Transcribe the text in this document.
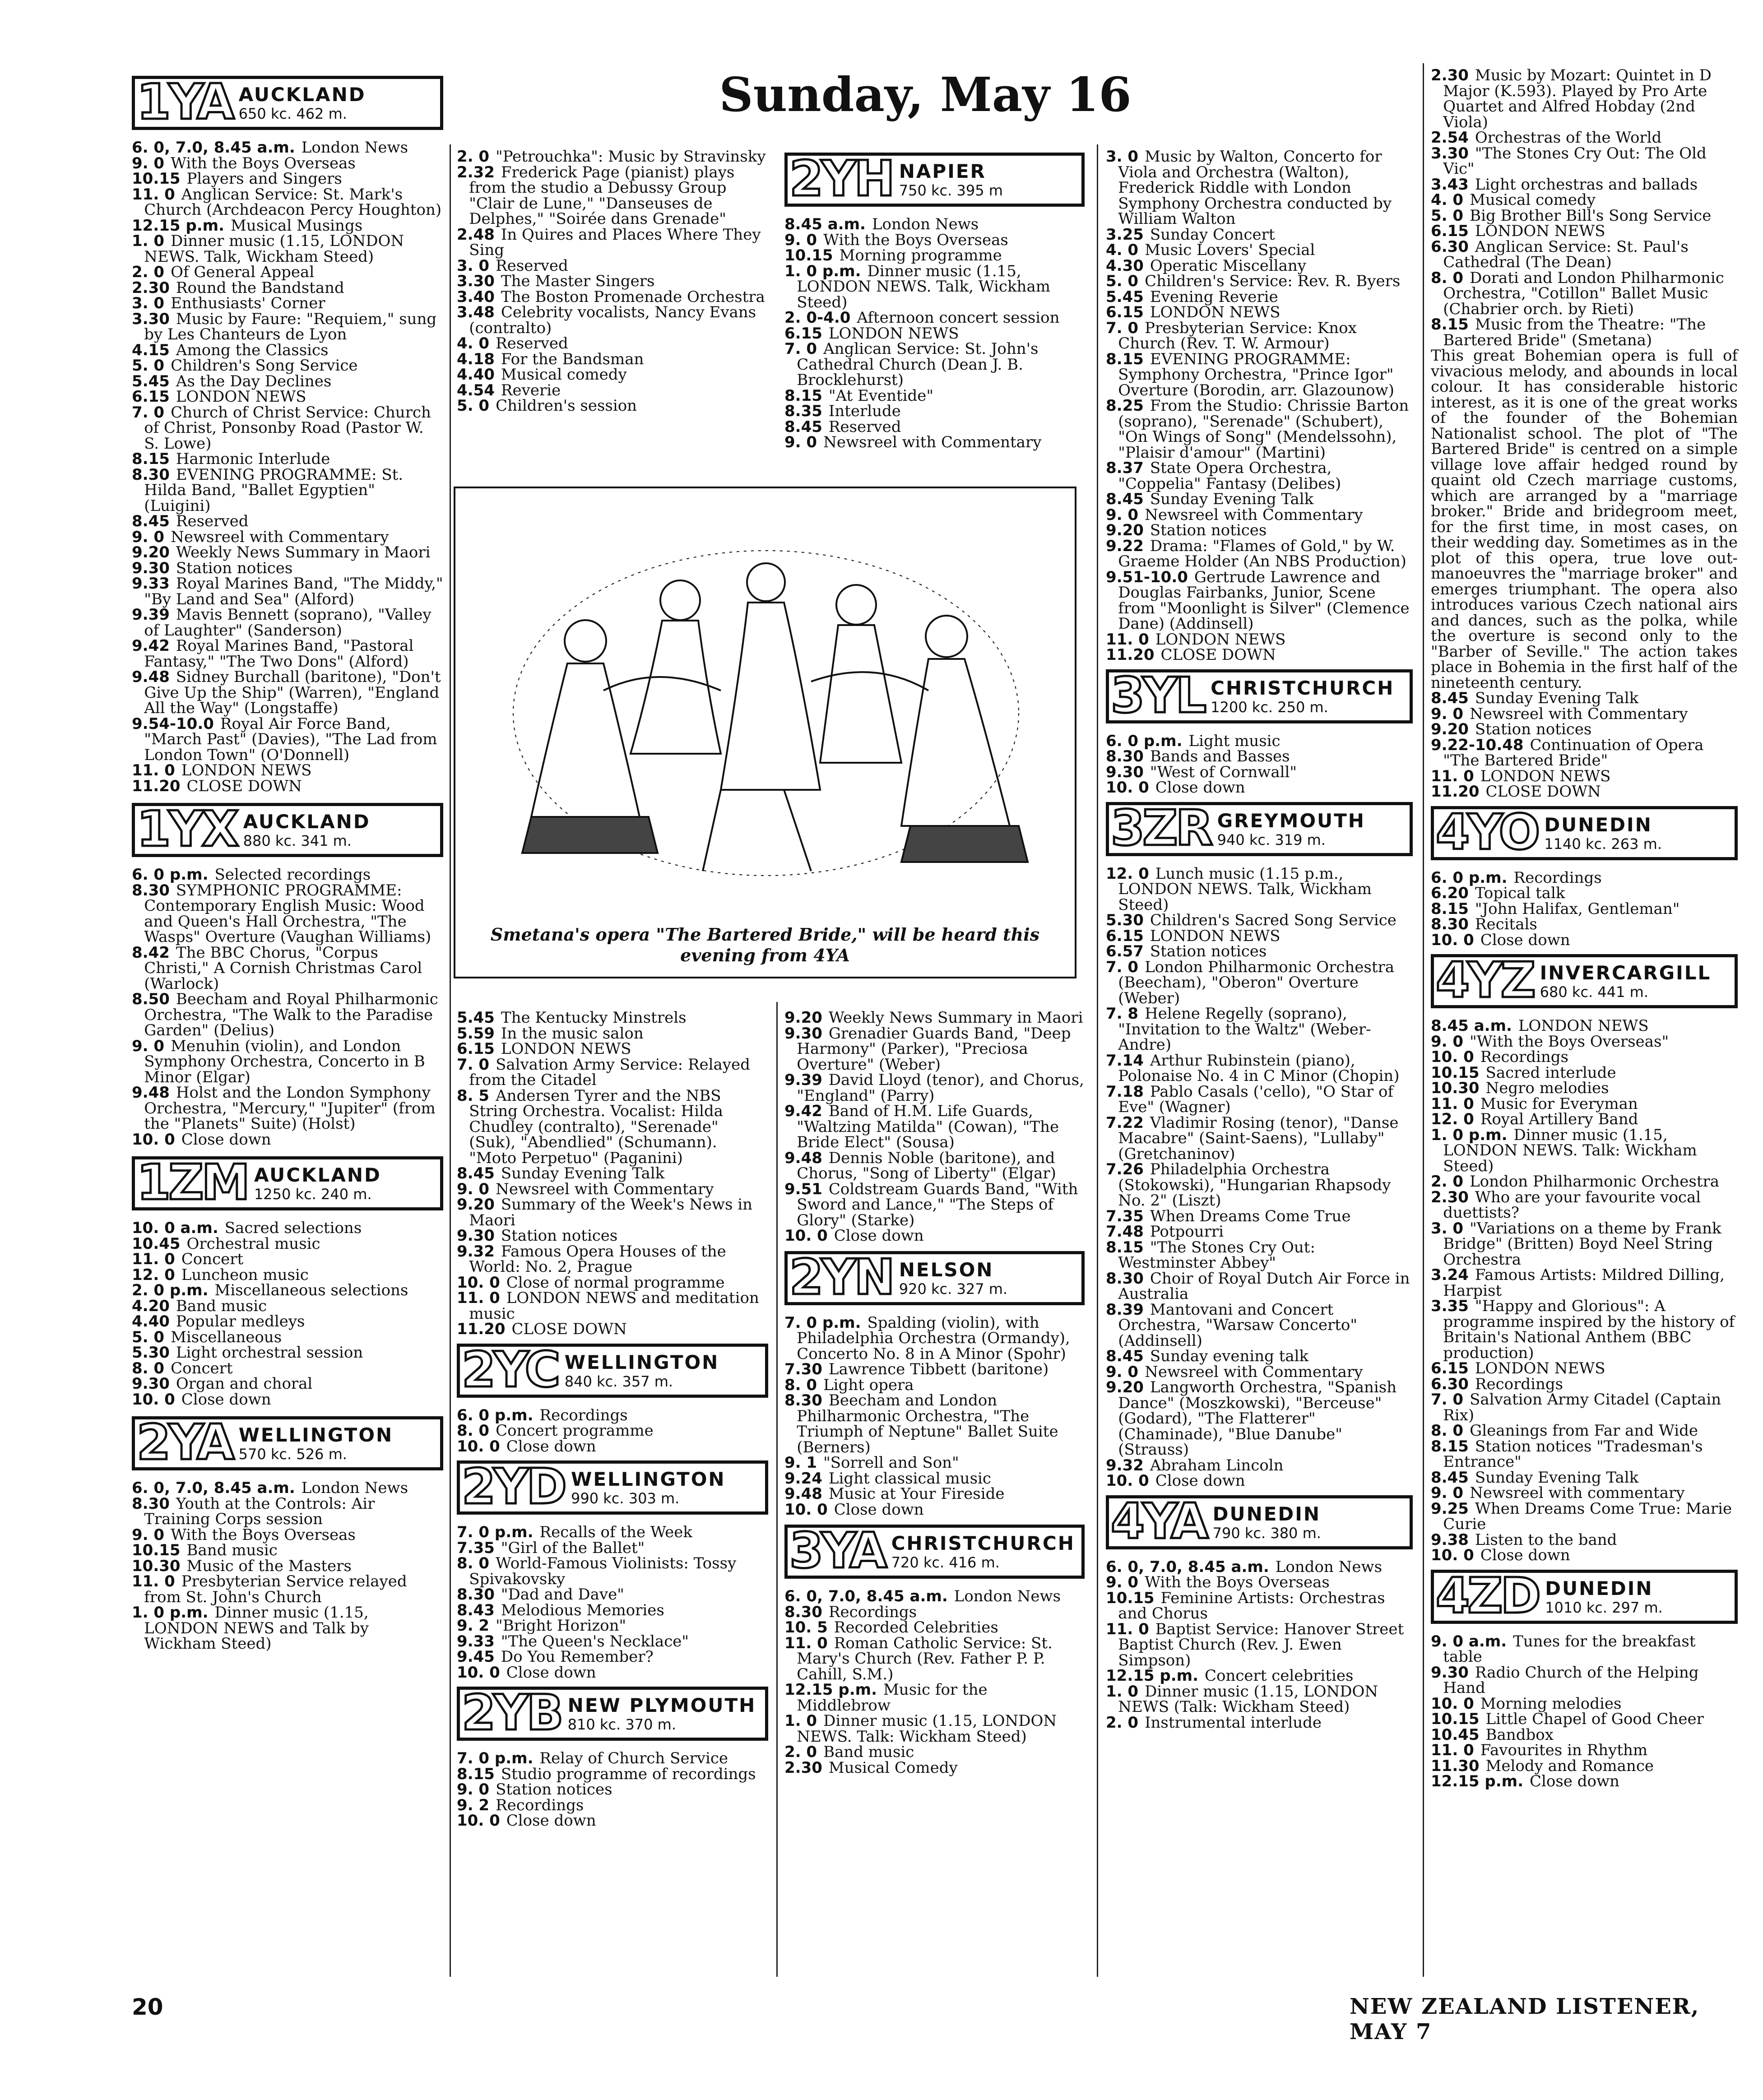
Sunday, May 16
1YA AUCKLAND
650 kc. 462 m.

6. 0, 7.0, 8.45 a.m. London News

9. 0 With the Boys Overseas

10.15 Players and Singers

11. 0 Anglican Service: St. Mark's Church (Archdeacon Percy Houghton)

12.15 p.m. Musical Musings

1. 0 Dinner music (1.15, LONDON NEWS. Talk, Wickham Steed)

2. 0 Of General Appeal

2.30 Round the Bandstand

3. 0 Enthusiasts' Corner

3.30 Music by Faure: "Requiem," sung by Les Chanteurs de Lyon

4.15 Among the Classics

5. 0 Children's Song Service

5.45 As the Day Declines

6.15 LONDON NEWS

7. 0 Church of Christ Service: Church of Christ, Ponsonby Road (Pastor W. S. Lowe)

8.15 Harmonic Interlude

8.30 EVENING PROGRAMME: St. Hilda Band, "Ballet Egyptien" (Luigini)

8.45 Reserved

9. 0 Newsreel with Commentary

9.20 Weekly News Summary in Maori

9.30 Station notices

9.33 Royal Marines Band, "The Middy," "By Land and Sea" (Alford)

9.39 Mavis Bennett (soprano), "Valley of Laughter" (Sanderson)

9.42 Royal Marines Band, "Pastoral Fantasy," "The Two Dons" (Alford)

9.48 Sidney Burchall (baritone), "Don't Give Up the Ship" (Warren), "England All the Way" (Longstaffe)

9.54-10.0 Royal Air Force Band, "March Past" (Davies), "The Lad from London Town" (O'Donnell)

11. 0 LONDON NEWS

11.20 CLOSE DOWN

1YX AUCKLAND
880 kc. 341 m.

6. 0 p.m. Selected recordings

8.30 SYMPHONIC PROGRAMME: Contemporary English Music: Wood and Queen's Hall Orchestra, "The Wasps" Overture (Vaughan Williams)

8.42 The BBC Chorus, "Corpus Christi," A Cornish Christmas Carol (Warlock)

8.50 Beecham and Royal Philharmonic Orchestra, "The Walk to the Paradise Garden" (Delius)

9. 0 Menuhin (violin), and London Symphony Orchestra, Concerto in B Minor (Elgar)

9.48 Holst and the London Symphony Orchestra, "Mercury," "Jupiter" (from the "Planets" Suite) (Holst)

10. 0 Close down

1ZM AUCKLAND
1250 kc. 240 m.

10. 0 a.m. Sacred selections

10.45 Orchestral music

11. 0 Concert

12. 0 Luncheon music

2. 0 p.m. Miscellaneous selections

4.20 Band music

4.40 Popular medleys

5. 0 Miscellaneous

5.30 Light orchestral session

8. 0 Concert

9.30 Organ and choral

10. 0 Close down

2YA WELLINGTON
570 kc. 526 m.

6. 0, 7.0, 8.45 a.m. London News

8.30 Youth at the Controls: Air Training Corps session

9. 0 With the Boys Overseas

10.15 Band music

10.30 Music of the Masters

11. 0 Presbyterian Service relayed from St. John's Church

1. 0 p.m. Dinner music (1.15, LONDON NEWS and Talk by Wickham Steed)

2. 0 "Petrouchka": Music by Stravinsky

2.32 Frederick Page (pianist) plays from the studio a Debussy Group "Clair de Lune," "Danseuses de Delphes," "Soirée dans Grenade"

2.48 In Quires and Places Where They Sing

3. 0 Reserved

3.30 The Master Singers

3.40 The Boston Promenade Orchestra

3.48 Celebrity vocalists, Nancy Evans (contralto)

4. 0 Reserved

4.18 For the Bandsman

4.40 Musical comedy

4.54 Reverie

5. 0 Children's session

2YH NAPIER
750 kc. 395 m

8.45 a.m. London News

9. 0 With the Boys Overseas

10.15 Morning programme

1. 0 p.m. Dinner music (1.15, LONDON NEWS. Talk, Wickham Steed)

2. 0-4.0 Afternoon concert session

6.15 LONDON NEWS

7. 0 Anglican Service: St. John's Cathedral Church (Dean J. B. Brocklehurst)

8.15 "At Eventide"

8.35 Interlude

8.45 Reserved

9. 0 Newsreel with Commentary

Smetana's opera "The Bartered Bride," will be heard this evening from 4YA

5.45 The Kentucky Minstrels

5.59 In the music salon

6.15 LONDON NEWS

7. 0 Salvation Army Service: Relayed from the Citadel

8. 5 Andersen Tyrer and the NBS String Orchestra. Vocalist: Hilda Chudley (contralto), "Serenade" (Suk), "Abendlied" (Schumann). "Moto Perpetuo" (Paganini)

8.45 Sunday Evening Talk

9. 0 Newsreel with Commentary

9.20 Summary of the Week's News in Maori

9.30 Station notices

9.32 Famous Opera Houses of the World: No. 2, Prague

10. 0 Close of normal programme

11. 0 LONDON NEWS and meditation music

11.20 CLOSE DOWN

2YC WELLINGTON
840 kc. 357 m.

6. 0 p.m. Recordings

8. 0 Concert programme

10. 0 Close down

2YD WELLINGTON
990 kc. 303 m.

7. 0 p.m. Recalls of the Week

7.35 "Girl of the Ballet"

8. 0 World-Famous Violinists: Tossy Spivakovsky

8.30 "Dad and Dave"

8.43 Melodious Memories

9. 2 "Bright Horizon"

9.33 "The Queen's Necklace"

9.45 Do You Remember?

10. 0 Close down

2YB NEW PLYMOUTH
810 kc. 370 m.

7. 0 p.m. Relay of Church Service

8.15 Studio programme of recordings

9. 0 Station notices

9. 2 Recordings

10. 0 Close down

9.20 Weekly News Summary in Maori

9.30 Grenadier Guards Band, "Deep Harmony" (Parker), "Preciosa Overture" (Weber)

9.39 David Lloyd (tenor), and Chorus, "England" (Parry)

9.42 Band of H.M. Life Guards, "Waltzing Matilda" (Cowan), "The Bride Elect" (Sousa)

9.48 Dennis Noble (baritone), and Chorus, "Song of Liberty" (Elgar)

9.51 Coldstream Guards Band, "With Sword and Lance," "The Steps of Glory" (Starke)

10. 0 Close down

2YN NELSON
920 kc. 327 m.

7. 0 p.m. Spalding (violin), with Philadelphia Orchestra (Ormandy), Concerto No. 8 in A Minor (Spohr)

7.30 Lawrence Tibbett (baritone)

8. 0 Light opera

8.30 Beecham and London Philharmonic Orchestra, "The Triumph of Neptune" Ballet Suite (Berners)

9. 1 "Sorrell and Son"

9.24 Light classical music

9.48 Music at Your Fireside

10. 0 Close down

3YA CHRISTCHURCH
720 kc. 416 m.

6. 0, 7.0, 8.45 a.m. London News

8.30 Recordings

10. 5 Recorded Celebrities

11. 0 Roman Catholic Service: St. Mary's Church (Rev. Father P. P. Cahill, S.M.)

12.15 p.m. Music for the Middlebrow

1. 0 Dinner music (1.15, LONDON NEWS. Talk: Wickham Steed)

2. 0 Band music

2.30 Musical Comedy

3. 0 Music by Walton, Concerto for Viola and Orchestra (Walton), Frederick Riddle with London Symphony Orchestra conducted by William Walton

3.25 Sunday Concert

4. 0 Music Lovers' Special

4.30 Operatic Miscellany

5. 0 Children's Service: Rev. R. Byers

5.45 Evening Reverie

6.15 LONDON NEWS

7. 0 Presbyterian Service: Knox Church (Rev. T. W. Armour)

8.15 EVENING PROGRAMME: Symphony Orchestra, "Prince Igor" Overture (Borodin, arr. Glazounow)

8.25 From the Studio: Chrissie Barton (soprano), "Serenade" (Schubert), "On Wings of Song" (Mendelssohn), "Plaisir d'amour" (Martini)

8.37 State Opera Orchestra, "Coppelia" Fantasy (Delibes)

8.45 Sunday Evening Talk

9. 0 Newsreel with Commentary

9.20 Station notices

9.22 Drama: "Flames of Gold," by W. Graeme Holder (An NBS Production)

9.51-10.0 Gertrude Lawrence and Douglas Fairbanks, Junior, Scene from "Moonlight is Silver" (Clemence Dane) (Addinsell)

11. 0 LONDON NEWS

11.20 CLOSE DOWN

3YL CHRISTCHURCH
1200 kc. 250 m.

6. 0 p.m. Light music

8.30 Bands and Basses

9.30 "West of Cornwall"

10. 0 Close down

3ZR GREYMOUTH
940 kc. 319 m.

12. 0 Lunch music (1.15 p.m., LONDON NEWS. Talk, Wickham Steed)

5.30 Children's Sacred Song Service

6.15 LONDON NEWS

6.57 Station notices

7. 0 London Philharmonic Orchestra (Beecham), "Oberon" Overture (Weber)

7. 8 Helene Regelly (soprano), "Invitation to the Waltz" (Weber-Andre)

7.14 Arthur Rubinstein (piano), Polonaise No. 4 in C Minor (Chopin)

7.18 Pablo Casals ('cello), "O Star of Eve" (Wagner)

7.22 Vladimir Rosing (tenor), "Danse Macabre" (Saint-Saens), "Lullaby" (Gretchaninov)

7.26 Philadelphia Orchestra (Stokowski), "Hungarian Rhapsody No. 2" (Liszt)

7.35 When Dreams Come True

7.48 Potpourri

8.15 "The Stones Cry Out: Westminster Abbey"

8.30 Choir of Royal Dutch Air Force in Australia

8.39 Mantovani and Concert Orchestra, "Warsaw Concerto" (Addinsell)

8.45 Sunday evening talk

9. 0 Newsreel with Commentary

9.20 Langworth Orchestra, "Spanish Dance" (Moszkowski), "Berceuse" (Godard), "The Flatterer" (Chaminade), "Blue Danube" (Strauss)

9.32 Abraham Lincoln

10. 0 Close down

4YA DUNEDIN
790 kc. 380 m.

6. 0, 7.0, 8.45 a.m. London News

9. 0 With the Boys Overseas

10.15 Feminine Artists: Orchestras and Chorus

11. 0 Baptist Service: Hanover Street Baptist Church (Rev. J. Ewen Simpson)

12.15 p.m. Concert celebrities

1. 0 Dinner music (1.15, LONDON NEWS (Talk: Wickham Steed)

2. 0 Instrumental interlude

2.30 Music by Mozart: Quintet in D Major (K.593). Played by Pro Arte Quartet and Alfred Hobday (2nd Viola)

2.54 Orchestras of the World

3.30 "The Stones Cry Out: The Old Vic"

3.43 Light orchestras and ballads

4. 0 Musical comedy

5. 0 Big Brother Bill's Song Service

6.15 LONDON NEWS

6.30 Anglican Service: St. Paul's Cathedral (The Dean)

8. 0 Dorati and London Philharmonic Orchestra, "Cotillon" Ballet Music (Chabrier orch. by Rieti)

8.15 Music from the Theatre: "The Bartered Bride" (Smetana)

This great Bohemian opera is full of vivacious melody, and abounds in local colour. It has considerable historic interest, as it is one of the great works of the founder of the Bohemian Nationalist school. The plot of "The Bartered Bride" is centred on a simple village love affair hedged round by quaint old Czech marriage customs, which are arranged by a "marriage broker." Bride and bridegroom meet, for the first time, in most cases, on their wedding day. Sometimes as in the plot of this opera, true love out-manoeuvres the "marriage broker" and emerges triumphant. The opera also introduces various Czech national airs and dances, such as the polka, while the overture is second only to the "Barber of Seville." The action takes place in Bohemia in the first half of the nineteenth century.

8.45 Sunday Evening Talk

9. 0 Newsreel with Commentary

9.20 Station notices

9.22-10.48 Continuation of Opera "The Bartered Bride"

11. 0 LONDON NEWS

11.20 CLOSE DOWN

4YO DUNEDIN
1140 kc. 263 m.

6. 0 p.m. Recordings

6.20 Topical talk

8.15 "John Halifax, Gentleman"

8.30 Recitals

10. 0 Close down

4YZ INVERCARGILL
680 kc. 441 m.

8.45 a.m. LONDON NEWS

9. 0 "With the Boys Overseas"

10. 0 Recordings

10.15 Sacred interlude

10.30 Negro melodies

11. 0 Music for Everyman

12. 0 Royal Artillery Band

1. 0 p.m. Dinner music (1.15, LONDON NEWS. Talk: Wickham Steed)

2. 0 London Philharmonic Orchestra

2.30 Who are your favourite vocal duettists?

3. 0 "Variations on a theme by Frank Bridge" (Britten) Boyd Neel String Orchestra

3.24 Famous Artists: Mildred Dilling, Harpist

3.35 "Happy and Glorious": A programme inspired by the history of Britain's National Anthem (BBC production)

6.15 LONDON NEWS

6.30 Recordings

7. 0 Salvation Army Citadel (Captain Rix)

8. 0 Gleanings from Far and Wide

8.15 Station notices "Tradesman's Entrance"

8.45 Sunday Evening Talk

9. 0 Newsreel with commentary

9.25 When Dreams Come True: Marie Curie

9.38 Listen to the band

10. 0 Close down

4ZD DUNEDIN
1010 kc. 297 m.

9. 0 a.m. Tunes for the breakfast table

9.30 Radio Church of the Helping Hand

10. 0 Morning melodies

10.15 Little Chapel of Good Cheer

10.45 Bandbox

11. 0 Favourites in Rhythm

11.30 Melody and Romance

12.15 p.m. Close down

20	NEW ZEALAND LISTENER, MAY 7
